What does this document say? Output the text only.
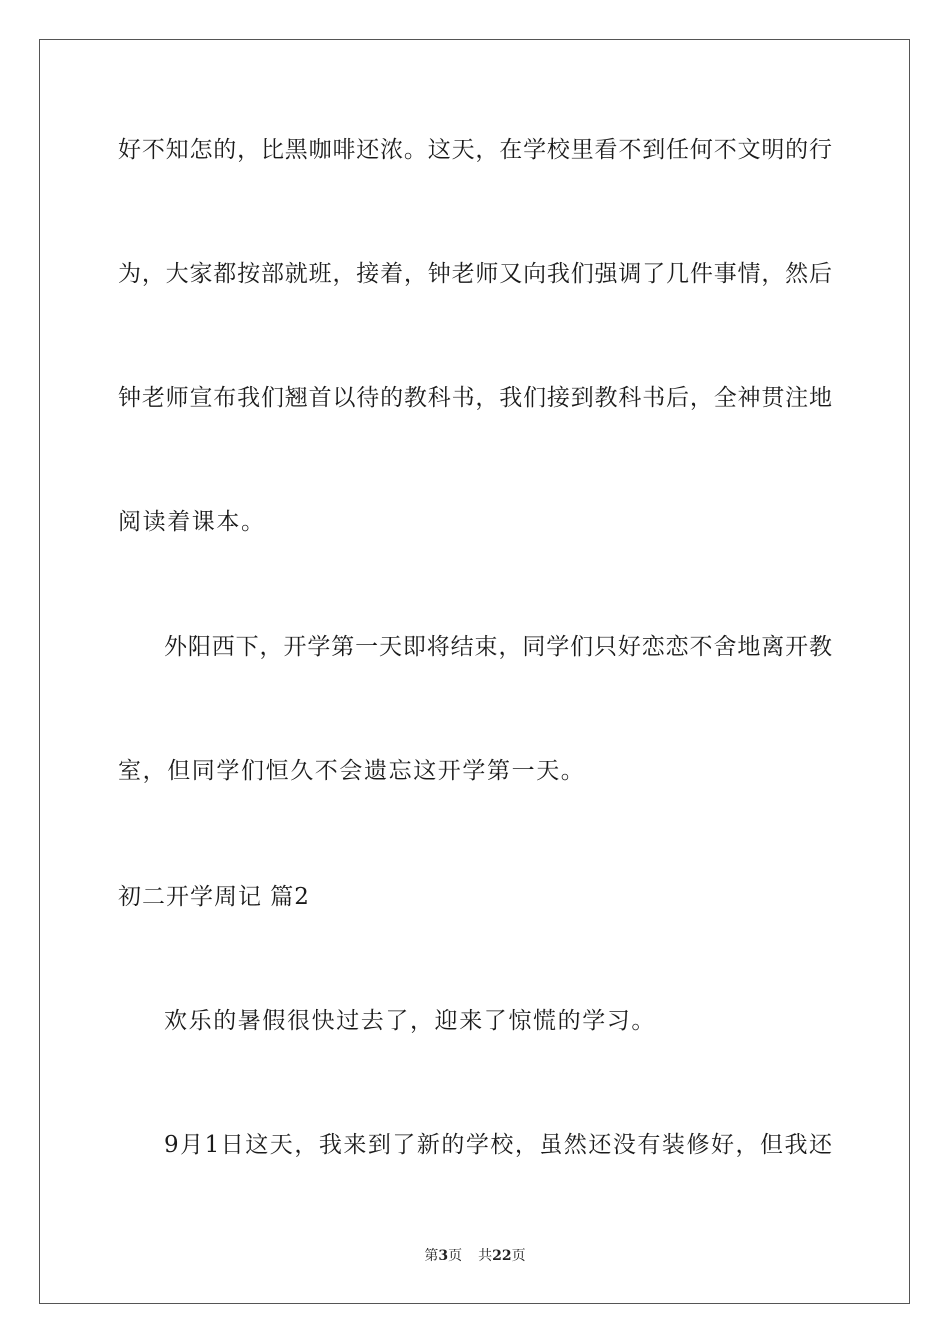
好不知怎的，比黑咖啡还浓。这天，在学校里看不到任何不文明的行
为，大家都按部就班，接着，钟老师又向我们强调了几件事情，然后
钟老师宣布我们翘首以待的教科书，我们接到教科书后，全神贯注地
阅读着课本。
外阳西下，开学第一天即将结束，同学们只好恋恋不舍地离开教
室，但同学们恒久不会遗忘这开学第一天。
初二开学周记 篇2
欢乐的暑假很快过去了，迎来了惊慌的学习。
9月1日这天，我来到了新的学校，虽然还没有装修好，但我还
第3页 共22页
